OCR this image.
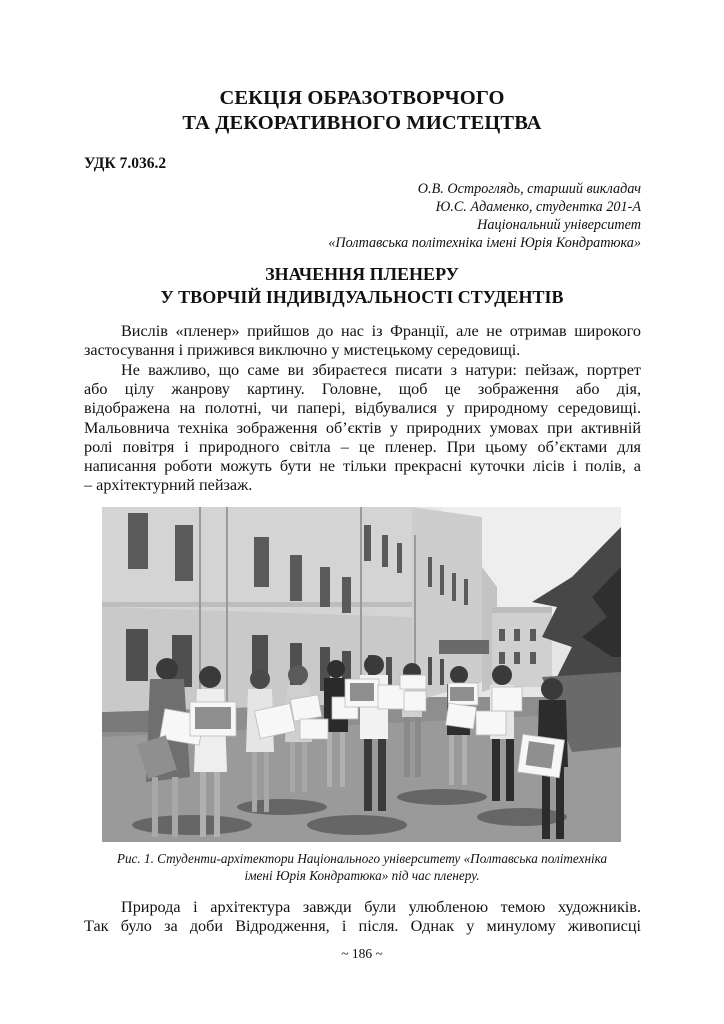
СЕКЦІЯ ОБРАЗОТВОРЧОГО
ТА ДЕКОРАТИВНОГО МИСТЕЦТВА
УДК 7.036.2
О.В. Остроглядь, старший викладач
Ю.С. Адаменко, студентка 201-А
Національний університет
«Полтавська політехніка імені Юрія Кондратюка»
ЗНАЧЕННЯ ПЛЕНЕРУ
У ТВОРЧІЙ ІНДИВІДУАЛЬНОСТІ СТУДЕНТІВ
Вислів «пленер» прийшов до нас із Франції, але не отримав широкого
застосування і прижився виключно у мистецькому середовищі.
Не важливо, що саме ви збираєтеся писати з натури: пейзаж, портрет
або цілу жанрову картину. Головне, щоб це зображення або дія,
відображена на полотні, чи папері, відбувалися у природному середовищі.
Мальовнича техніка зображення об’єктів у природних умовах при активній
ролі повітря і природного світла – це пленер. При цьому об’єктами для
написання роботи можуть бути не тільки прекрасні куточки лісів і полів, а
– архітектурний пейзаж.
Рис. 1. Студенти-архітектори Національного університету «Полтавська політехніка
імені Юрія Кондратюка» під час пленеру.
Природа і архітектура завжди були улюбленою темою художників.
Так було за доби Відродження, і після. Однак у минулому живописці
~ 186 ~
